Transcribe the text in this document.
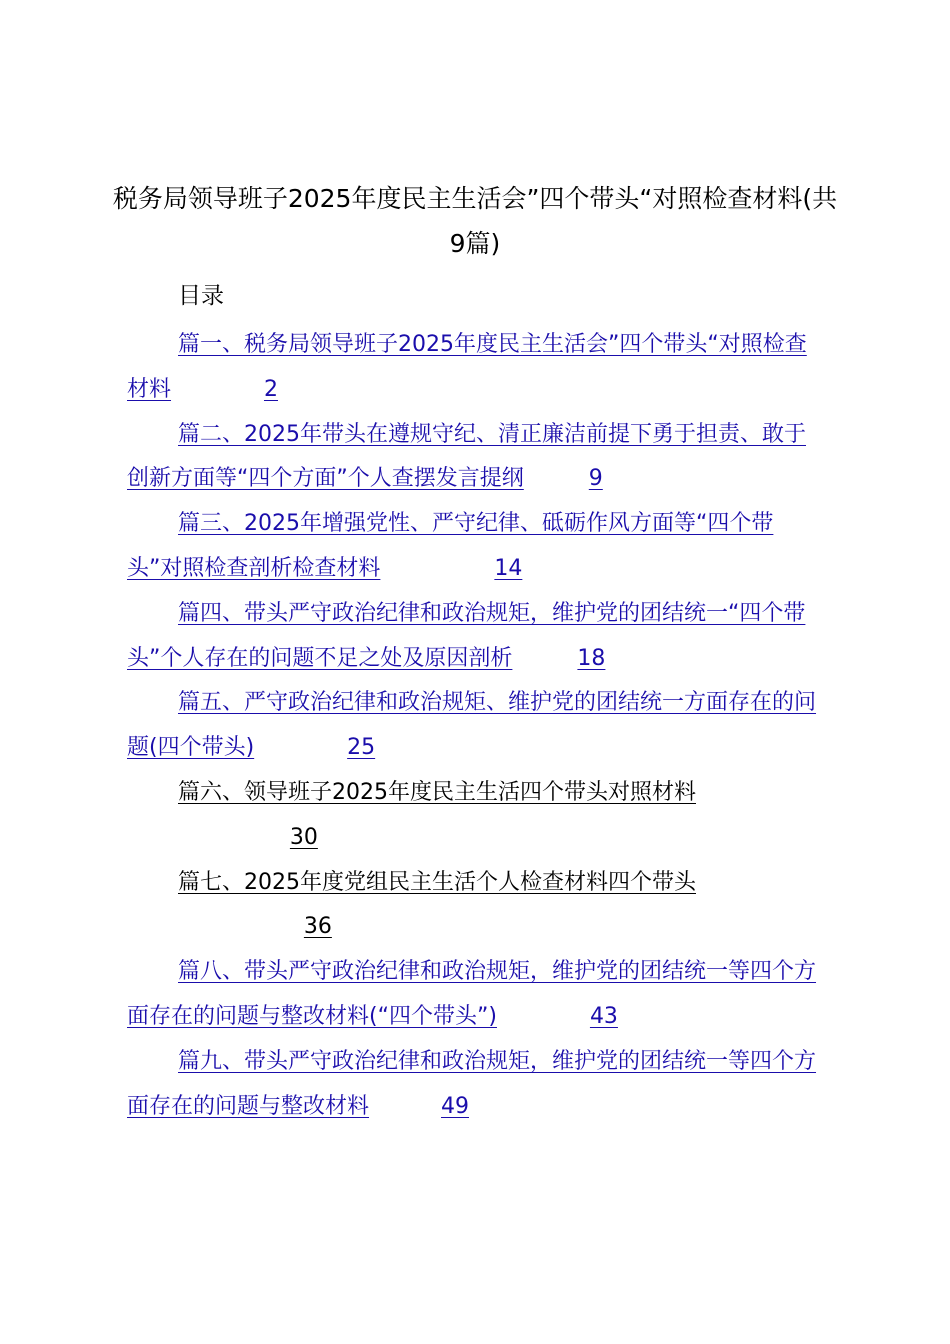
税务局领导班子2025年度民主生活会”四个带头“对照检查材料(共9篇)
目录
篇一、税务局领导班子2025年度民主生活会”四个带头“对照检查材料	2
篇二、2025年带头在遵规守纪、清正廉洁前提下勇于担责、敢于创新方面等“四个方面”个人查摆发言提纲	9
篇三、2025年增强党性、严守纪律、砥砺作风方面等“四个带头”对照检查剖析检查材料	14
篇四、带头严守政治纪律和政治规矩，维护党的团结统一“四个带头”个人存在的问题不足之处及原因剖析	18
篇五、严守政治纪律和政治规矩、维护党的团结统一方面存在的问题(四个带头)	25
篇六、领导班子2025年度民主生活四个带头对照材料                30
篇七、2025年度党组民主生活个人检查材料四个带头                  36
篇八、带头严守政治纪律和政治规矩，维护党的团结统一等四个方面存在的问题与整改材料(“四个带头”)	43
篇九、带头严守政治纪律和政治规矩，维护党的团结统一等四个方面存在的问题与整改材料	49
